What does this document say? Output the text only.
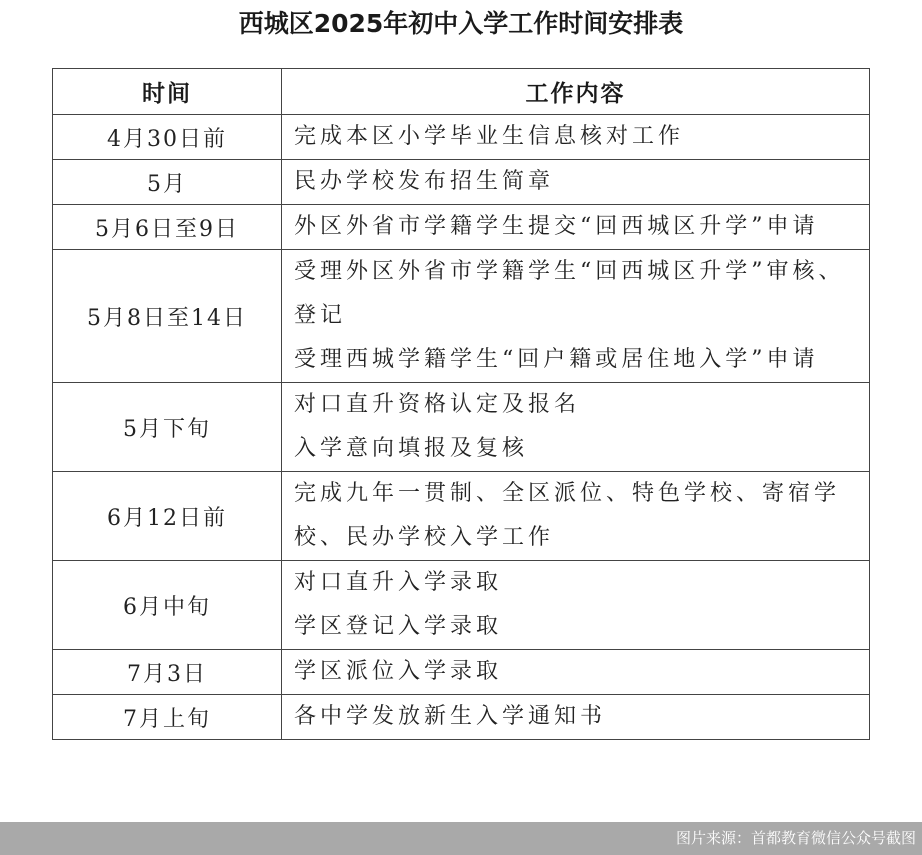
西城区2025年初中入学工作时间安排表
时间	工作内容
4月30日前	完成本区小学毕业生信息核对工作

5月	民办学校发布招生简章

5月6日至9日	外区外省市学籍学生提交“回西城区升学”申请

5月8日至14日	受理外区外省市学籍学生“回西城区升学”审核、登记
受理西城学籍学生“回户籍或居住地入学”申请

5月下旬	对口直升资格认定及报名
入学意向填报及复核

6月12日前	完成九年一贯制、全区派位、特色学校、寄宿学校、民办学校入学工作

6月中旬	对口直升入学录取
学区登记入学录取

7月3日	学区派位入学录取

7月上旬	各中学发放新生入学通知书
图片来源：首都教育微信公众号截图
